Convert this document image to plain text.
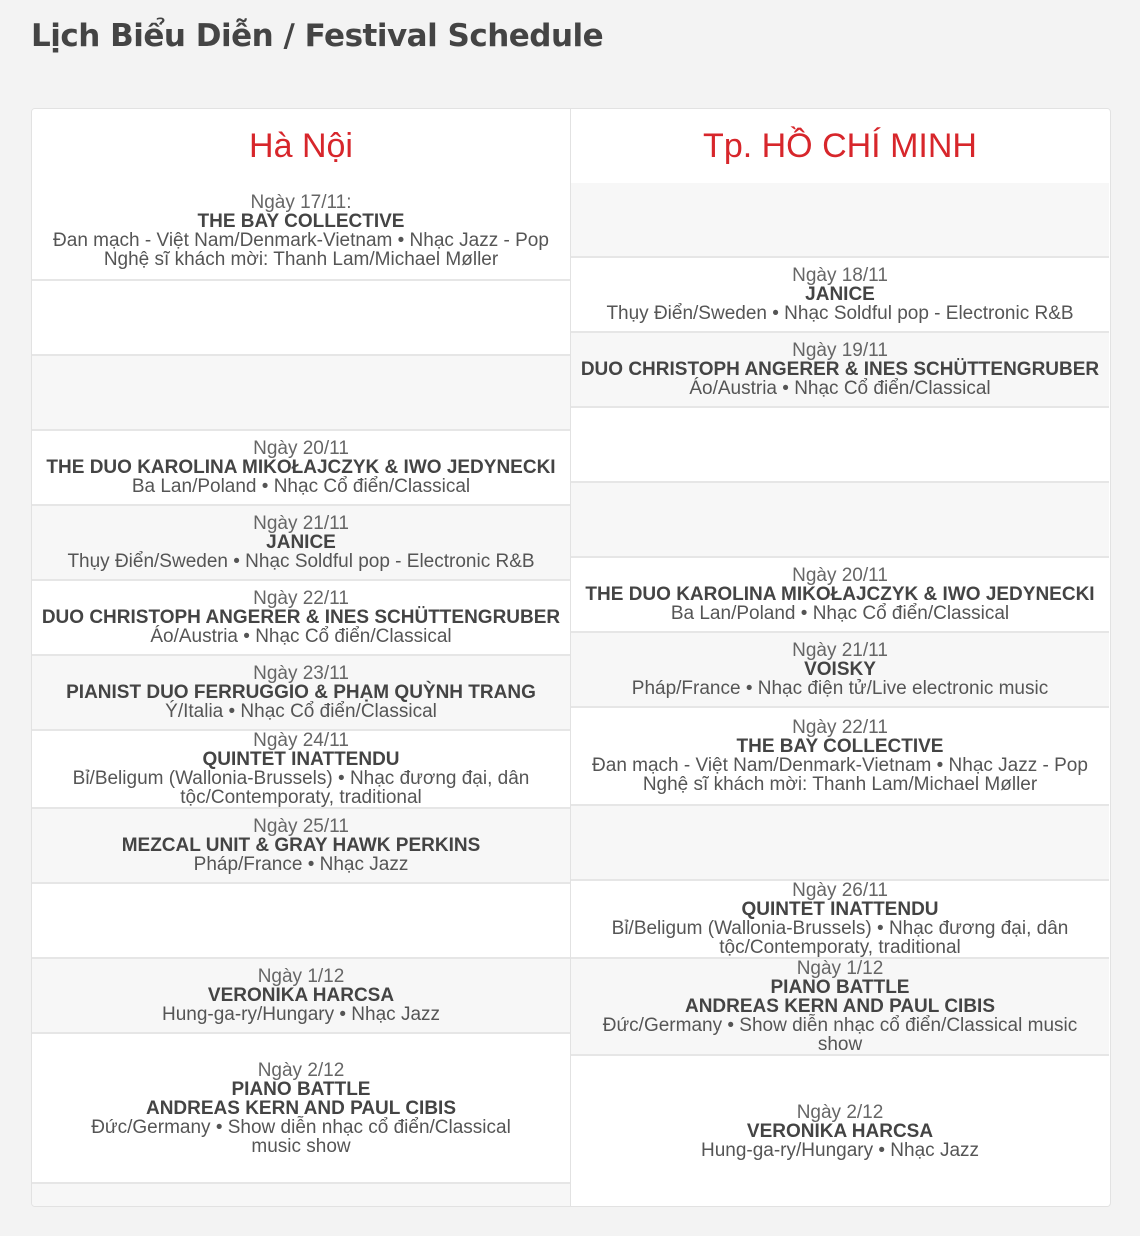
Lịch Biểu Diễn / Festival Schedule
Hà Nội
Ngày 17/11:
THE BAY COLLECTIVE
Đan mạch - Việt Nam/Denmark-Vietnam • Nhạc Jazz - Pop
Nghệ sĩ khách mời: Thanh Lam/Michael Møller
Ngày 20/11
THE DUO KAROLINA MIKOŁAJCZYK & IWO JEDYNECKI
Ba Lan/Poland • Nhạc Cổ điển/Classical
Ngày 21/11
JANICE
Thụy Điển/Sweden • Nhạc Soldful pop - Electronic R&B
Ngày 22/11
DUO CHRISTOPH ANGERER & INES SCHÜTTENGRUBER
Áo/Austria • Nhạc Cổ điển/Classical
Ngày 23/11
PIANIST DUO FERRUGGIO & PHẠM QUỲNH TRANG
Ý/Italia • Nhạc Cổ điển/Classical
Ngày 24/11
QUINTET INATTENDU
Bỉ/Beligum (Wallonia-Brussels) • Nhạc đương đại, dân tộc/Contemporaty, traditional
Ngày 25/11
MEZCAL UNIT & GRAY HAWK PERKINS
Pháp/France • Nhạc Jazz
Ngày 1/12
VERONIKA HARCSA
Hung-ga-ry/Hungary • Nhạc Jazz
Ngày 2/12
PIANO BATTLE
ANDREAS KERN AND PAUL CIBIS
Đức/Germany • Show diễn nhạc cổ điển/Classical music show
Tp. HỒ CHÍ MINH
Ngày 18/11
JANICE
Thụy Điển/Sweden • Nhạc Soldful pop - Electronic R&B
Ngày 19/11
DUO CHRISTOPH ANGERER & INES SCHÜTTENGRUBER
Áo/Austria • Nhạc Cổ điển/Classical
Ngày 20/11
THE DUO KAROLINA MIKOŁAJCZYK & IWO JEDYNECKI
Ba Lan/Poland • Nhạc Cổ điển/Classical
Ngày 21/11
VOISKY
Pháp/France • Nhạc điện tử/Live electronic music
Ngày 22/11
THE BAY COLLECTIVE
Đan mạch - Việt Nam/Denmark-Vietnam • Nhạc Jazz - Pop
Nghệ sĩ khách mời: Thanh Lam/Michael Møller
Ngày 26/11
QUINTET INATTENDU
Bỉ/Beligum (Wallonia-Brussels) • Nhạc đương đại, dân tộc/Contemporaty, traditional
Ngày 1/12
PIANO BATTLE
ANDREAS KERN AND PAUL CIBIS
Đức/Germany • Show diễn nhạc cổ điển/Classical music show
Ngày 2/12
VERONIKA HARCSA
Hung-ga-ry/Hungary • Nhạc Jazz
